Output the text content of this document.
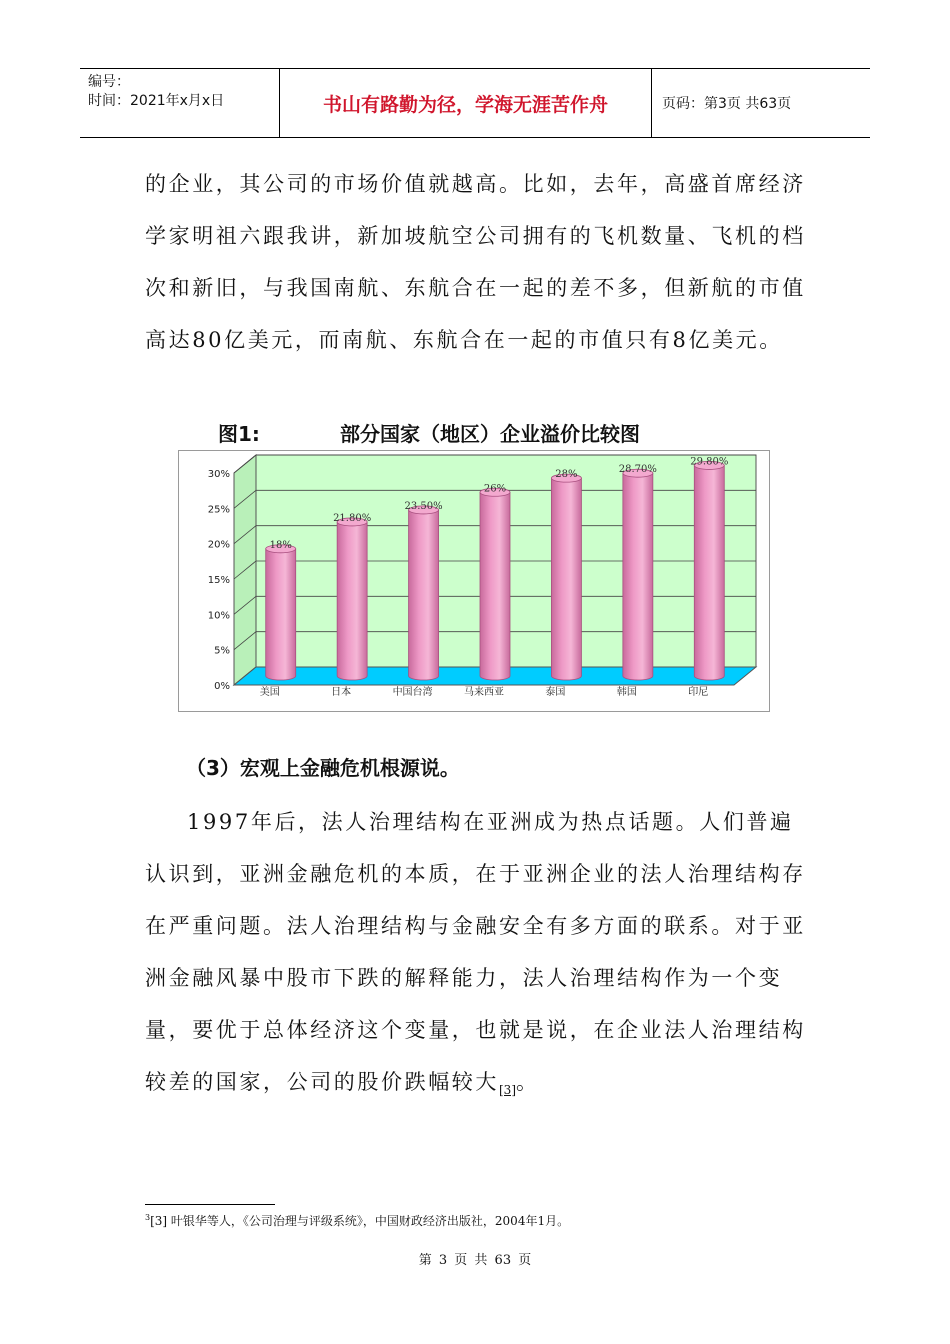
编号：
时间：2021年x月x日	书山有路勤为径，学海无涯苦作舟	页码：第3页 共63页

的企业，其公司的市场价值就越高。比如，去年，高盛首席经济学家明祖六跟我讲，新加坡航空公司拥有的飞机数量、飞机的档次和新旧，与我国南航、东航合在一起的差不多，但新航的市值高达80亿美元，而南航、东航合在一起的市值只有8亿美元。

图1:	部分国家（地区）企业溢价比较图

0%
5%
10%
15%
20%
25%
30%
18%
美国
21.80%
日本
23.50%
中国台湾
26%
马来西亚
28%
泰国
28.70%
韩国
29.80%
印尼

（3）宏观上金融危机根源说。

1997年后，法人治理结构在亚洲成为热点话题。人们普遍认识到，亚洲金融危机的本质，在于亚洲企业的法人治理结构存在严重问题。法人治理结构与金融安全有多方面的联系。对于亚洲金融风暴中股市下跌的解释能力，法人治理结构作为一个变量，要优于总体经济这个变量，也就是说，在企业法人治理结构较差的国家，公司的股价跌幅较大$_{[3]}$。

$^3$[3] 叶银华等人，《公司治理与评级系统》，中国财政经济出版社，2004年1月。

第 3 页 共 63 页
